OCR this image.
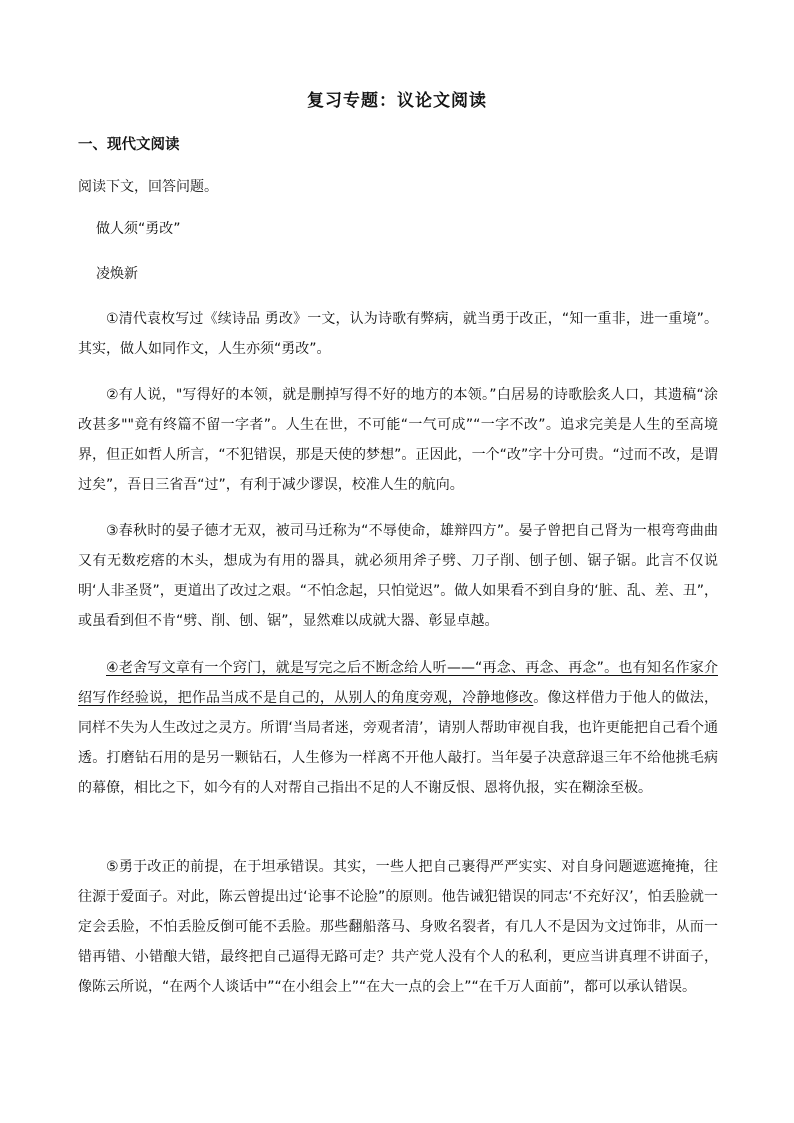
复习专题：议论文阅读
一、现代文阅读

阅读下文，回答问题。

做人须“勇改”

凌焕新

①清代袁枚写过《续诗品 勇改》一文，认为诗歌有弊病，就当勇于改正，“知一重非，进一重境”。其实，做人如同作文，人生亦须“勇改”。

②有人说，"写得好的本领，就是删掉写得不好的地方的本领。”白居易的诗歌脍炙人口，其遗稿“涂改甚多""竟有终篇不留一字者”。人生在世，不可能“一气可成”“一字不改”。追求完美是人生的至高境界，但正如哲人所言，“不犯错误，那是天使的梦想”。正因此，一个“改”字十分可贵。“过而不改，是谓过矣”，吾日三省吾“过”，有利于减少谬误，校准人生的航向。

③春秋时的晏子德才无双，被司马迁称为“不辱使命，雄辩四方”。晏子曾把自己肾为一根弯弯曲曲又有无数疙瘩的木头，想成为有用的器具，就必须用斧子劈、刀子削、刨子刨、锯子锯。此言不仅说明‘人非圣贤”，更道出了改过之艰。“不怕念起，只怕觉迟”。做人如果看不到自身的‘脏、乱、差、丑”，或虽看到但不肯“劈、削、刨、锯”，显然难以成就大器、彰显卓越。

④老舍写文章有一个窍门，就是写完之后不断念给人听——“再念、再念、再念”。也有知名作家介绍写作经验说，把作品当成不是自己的，从别人的角度旁观，冷静地修改。像这样借力于他人的做法，同样不失为人生改过之灵方。所谓‘当局者迷，旁观者清’，请别人帮助审视自我，也许更能把自己看个通透。打磨钻石用的是另一颗钻石，人生修为一样离不开他人敲打。当年晏子决意辞退三年不给他挑毛病的幕僚，相比之下，如今有的人对帮自己指出不足的人不谢反恨、恩将仇报，实在糊涂至极。

⑤勇于改正的前提，在于坦承错误。其实，一些人把自己裹得严严实实、对自身问题遮遮掩掩，往往源于爱面子。对此，陈云曾提出过‘论事不论脸”的原则。他告诫犯错误的同志‘不充好汉’，怕丢脸就一定会丢脸，不怕丢脸反倒可能不丢脸。那些翻船落马、身败名裂者，有几人不是因为文过饰非，从而一错再错、小错酿大错，最终把自己逼得无路可走？共产党人没有个人的私利，更应当讲真理不讲面子，像陈云所说，“在两个人谈话中”“在小组会上”“在大一点的会上”“在千万人面前”，都可以承认错误。
